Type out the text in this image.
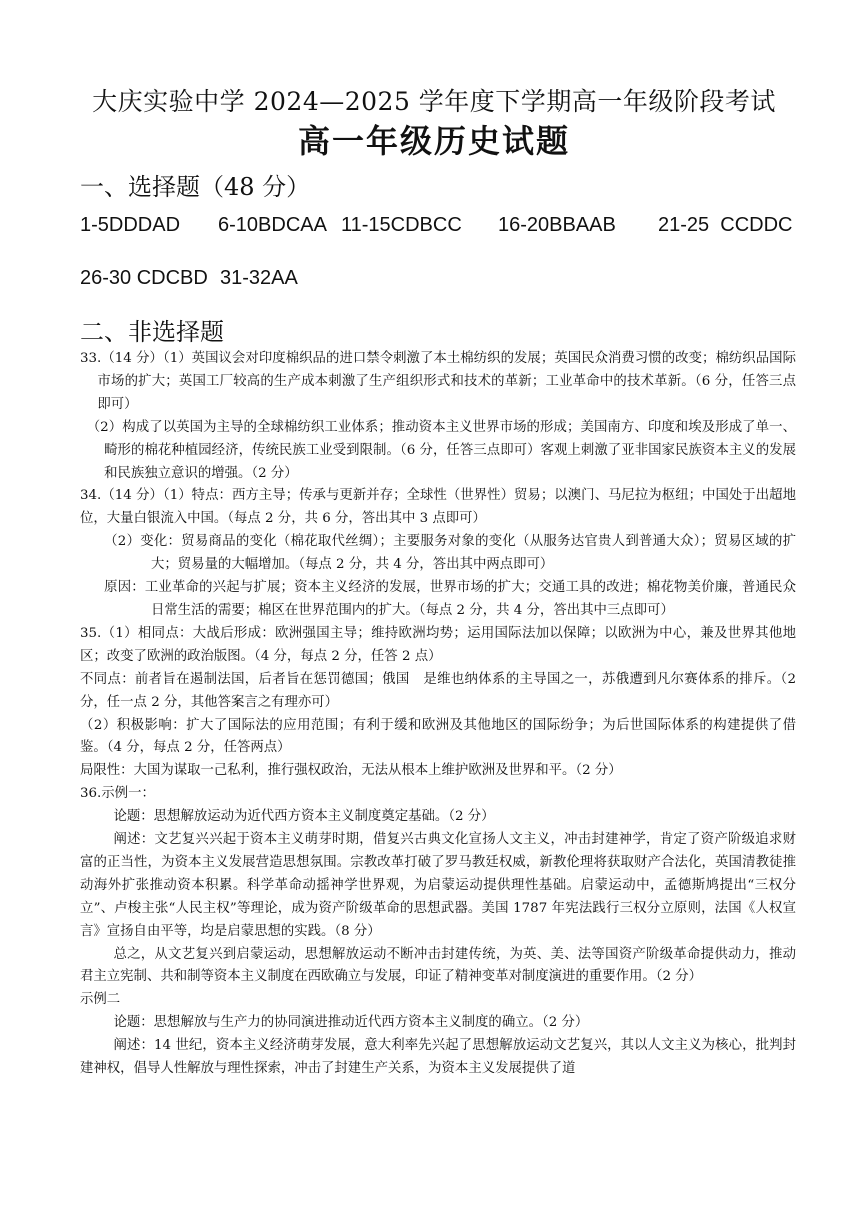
大庆实验中学 2024—2025 学年度下学期高一年级阶段考试
高一年级历史试题
一、选择题（48 分）
1-5DDDAD 6-10BDCAA 11-15CDBCC 16-20BBAAB 21-25  CCDDC
26-30 CDCBD 31-32AA
二、非选择题

33.（14 分）（1）英国议会对印度棉织品的进口禁令刺激了本土棉纺织的发展；英国民众消费习惯的改变；棉纺织品国际市场的扩大；英国工厂较高的生产成本刺激了生产组织形式和技术的革新；工业革命中的技术革新。（6 分，任答三点即可）

（2）构成了以英国为主导的全球棉纺织工业体系；推动资本主义世界市场的形成；美国南方、印度和埃及形成了单一、畸形的棉花种植园经济，传统民族工业受到限制。（6 分，任答三点即可）客观上刺激了亚非国家民族资本主义的发展和民族独立意识的增强。（2 分）

34.（14 分）（1）特点：西方主导；传承与更新并存；全球性（世界性）贸易；以澳门、马尼拉为枢纽；中国处于出超地位，大量白银流入中国。（每点 2 分，共 6 分，答出其中 3 点即可）

（2）变化：贸易商品的变化（棉花取代丝绸）；主要服务对象的变化（从服务达官贵人到普通大众）；贸易区域的扩大；贸易量的大幅增加。（每点 2 分，共 4 分，答出其中两点即可）

原因：工业革命的兴起与扩展；资本主义经济的发展，世界市场的扩大；交通工具的改进；棉花物美价廉，普通民众日常生活的需要；棉区在世界范围内的扩大。（每点 2 分，共 4 分，答出其中三点即可）

35.（1）相同点：大战后形成：欧洲强国主导；维持欧洲均势；运用国际法加以保障；以欧洲为中心，兼及世界其他地区；改变了欧洲的政治版图。（4 分，每点 2 分，任答 2 点）

不同点：前者旨在遏制法国，后者旨在惩罚德国；俄国　是维也纳体系的主导国之一，苏俄遭到凡尔赛体系的排斥。（2 分，任一点 2 分，其他答案言之有理亦可）

（2）积极影响：扩大了国际法的应用范围；有利于缓和欧洲及其他地区的国际纷争；为后世国际体系的构建提供了借鉴。（4 分，每点 2 分，任答两点）

局限性：大国为谋取一己私利，推行强权政治，无法从根本上维护欧洲及世界和平。（2 分）

36.示例一：

论题：思想解放运动为近代西方资本主义制度奠定基础。（2 分）

阐述：文艺复兴兴起于资本主义萌芽时期，借复兴古典文化宣扬人文主义，冲击封建神学，肯定了资产阶级追求财富的正当性，为资本主义发展营造思想氛围。宗教改革打破了罗马教廷权威，新教伦理将获取财产合法化，英国清教徒推动海外扩张推动资本积累。科学革命动摇神学世界观，为启蒙运动提供理性基础。启蒙运动中，孟德斯鸠提出“三权分立”、卢梭主张“人民主权”等理论，成为资产阶级革命的思想武器。美国 1787 年宪法践行三权分立原则，法国《人权宣言》宣扬自由平等，均是启蒙思想的实践。（8 分）

总之，从文艺复兴到启蒙运动，思想解放运动不断冲击封建传统，为英、美、法等国资产阶级革命提供动力，推动君主立宪制、共和制等资本主义制度在西欧确立与发展，印证了精神变革对制度演进的重要作用。（2 分）

示例二

论题：思想解放与生产力的协同演进推动近代西方资本主义制度的确立。（2 分）

阐述：14 世纪，资本主义经济萌芽发展，意大利率先兴起了思想解放运动文艺复兴，其以人文主义为核心，批判封建神权，倡导人性解放与理性探索，冲击了封建生产关系，为资本主义发展提供了道
